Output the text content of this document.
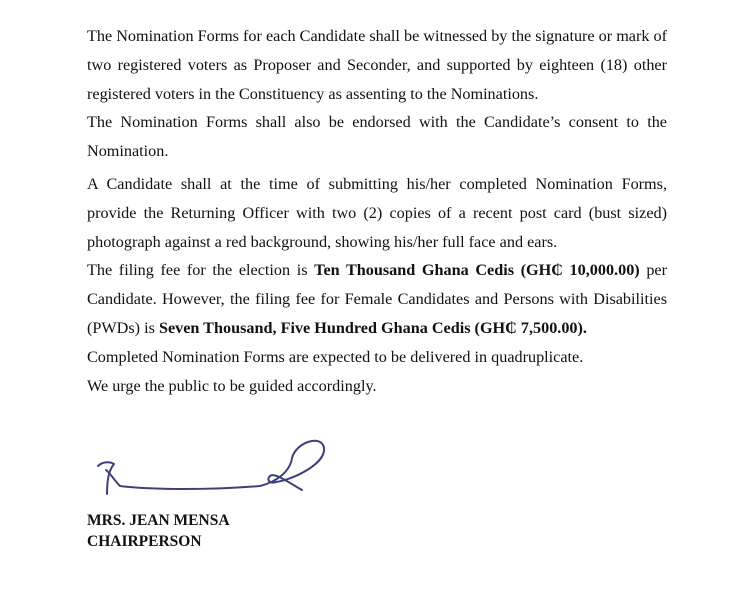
The Nomination Forms for each Candidate shall be witnessed by the signature or mark of two registered voters as Proposer and Seconder, and supported by eighteen (18) other registered voters in the Constituency as assenting to the Nominations.

The Nomination Forms shall also be endorsed with the Candidate’s consent to the Nomination.

A Candidate shall at the time of submitting his/her completed Nomination Forms, provide the Returning Officer with two (2) copies of a recent post card (bust sized) photograph against a red background, showing his/her full face and ears.

The filing fee for the election is Ten Thousand Ghana Cedis (GH₵ 10,000.00) per Candidate. However, the filing fee for Female Candidates and Persons with Disabilities (PWDs) is Seven Thousand, Five Hundred Ghana Cedis (GH₵ 7,500.00).

Completed Nomination Forms are expected to be delivered in quadruplicate.

We urge the public to be guided accordingly.

MRS. JEAN MENSA
CHAIRPERSON
